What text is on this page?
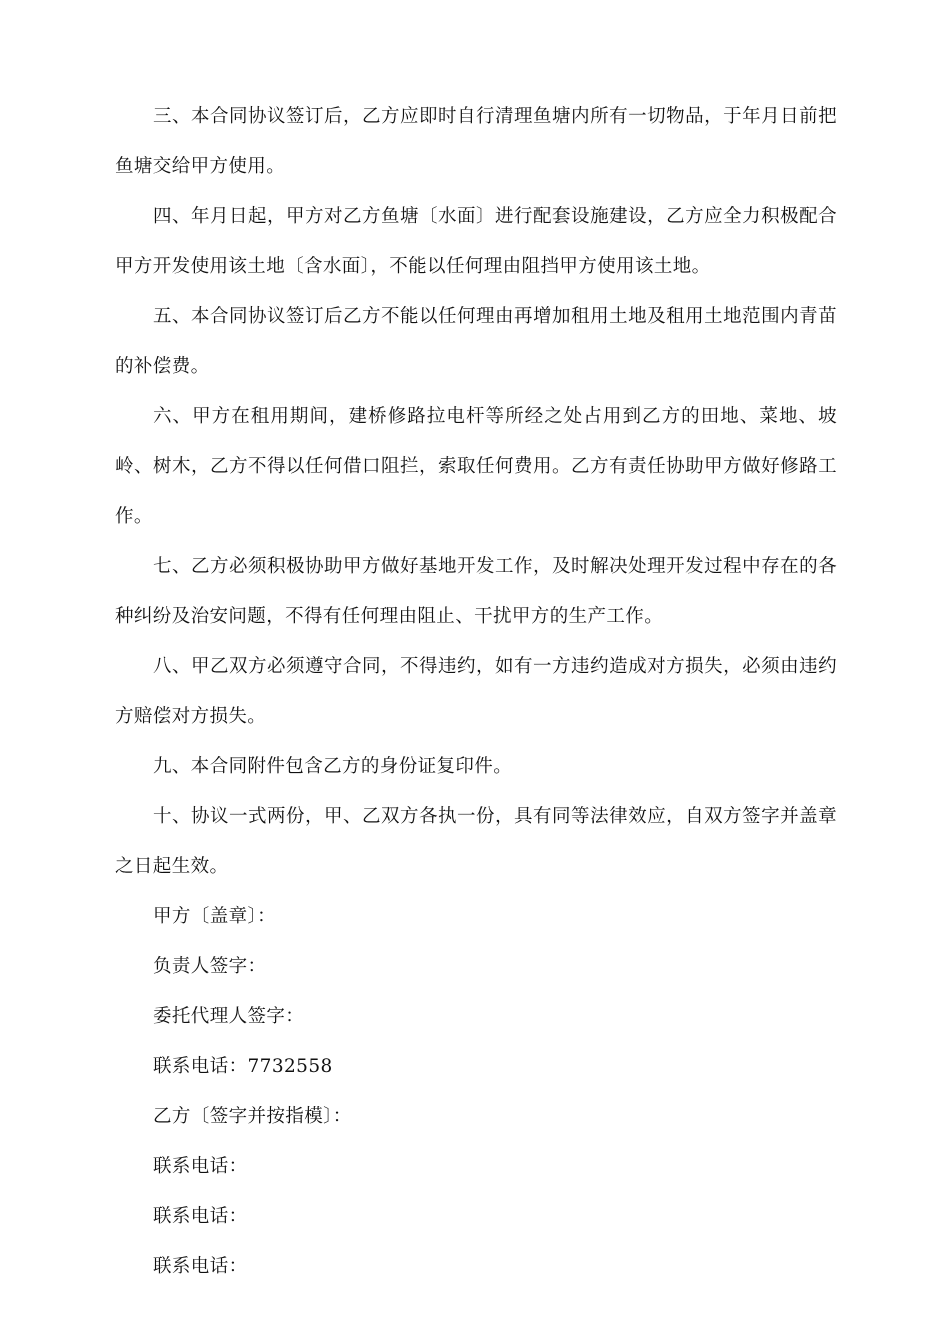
三、本合同协议签订后，乙方应即时自行清理鱼塘内所有一切物品，于年月日前把鱼塘交给甲方使用。

四、年月日起，甲方对乙方鱼塘〔水面〕进行配套设施建设，乙方应全力积极配合甲方开发使用该土地〔含水面〕，不能以任何理由阻挡甲方使用该土地。

五、本合同协议签订后乙方不能以任何理由再增加租用土地及租用土地范围内青苗的补偿费。

六、甲方在租用期间，建桥修路拉电杆等所经之处占用到乙方的田地、菜地、坡岭、树木，乙方不得以任何借口阻拦，索取任何费用。乙方有责任协助甲方做好修路工作。

七、乙方必须积极协助甲方做好基地开发工作，及时解决处理开发过程中存在的各种纠纷及治安问题，不得有任何理由阻止、干扰甲方的生产工作。

八、甲乙双方必须遵守合同，不得违约，如有一方违约造成对方损失，必须由违约方赔偿对方损失。

九、本合同附件包含乙方的身份证复印件。

十、协议一式两份，甲、乙双方各执一份，具有同等法律效应，自双方签字并盖章之日起生效。

甲方〔盖章〕：

负责人签字：

委托代理人签字：

联系电话：7732558

乙方〔签字并按指模〕：

联系电话：

联系电话：

联系电话：
